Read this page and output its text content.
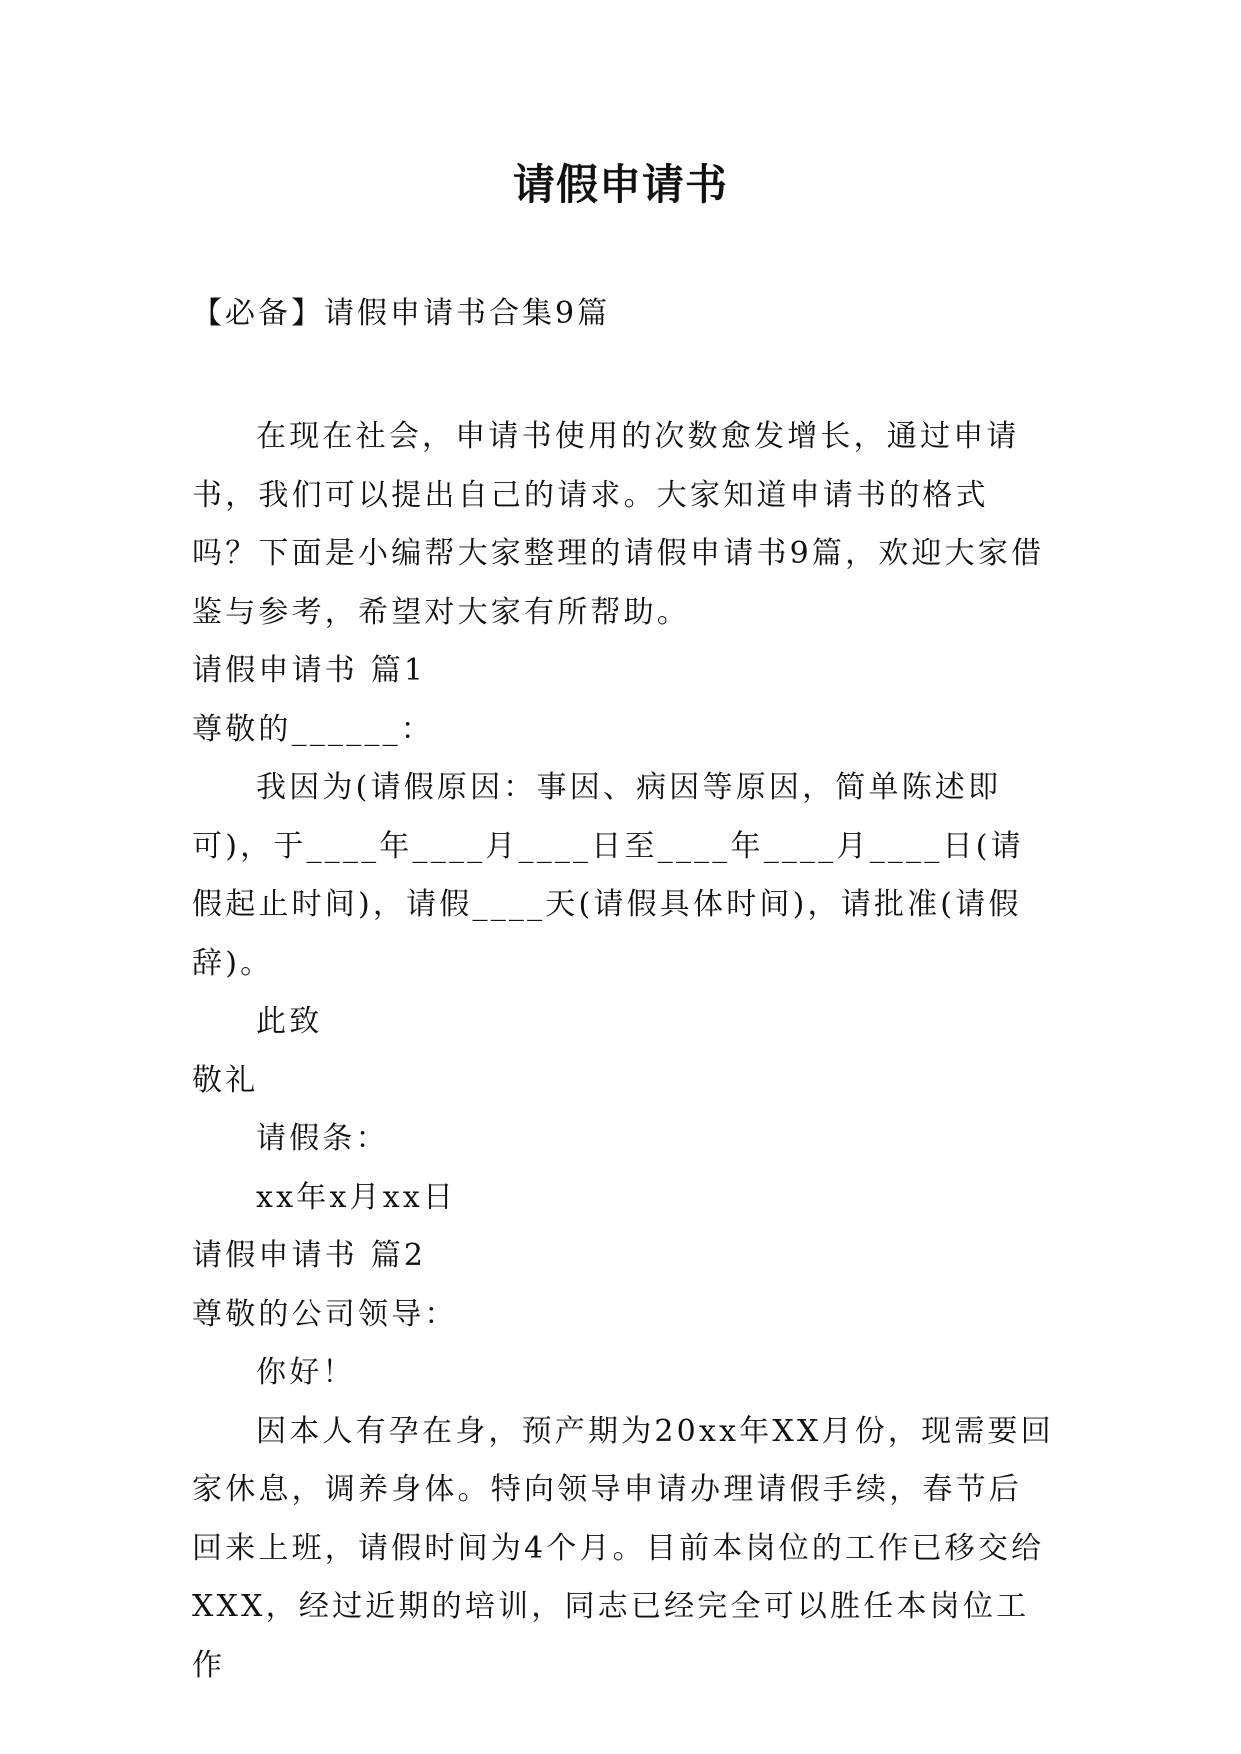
请假申请书
【必备】请假申请书合集9篇

在现在社会，申请书使用的次数愈发增长，通过申请书，我们可以提出自己的请求。大家知道申请书的格式吗？下面是小编帮大家整理的请假申请书9篇，欢迎大家借鉴与参考，希望对大家有所帮助。

请假申请书 篇1

尊敬的______：

我因为(请假原因：事因、病因等原因，简单陈述即可)，于____年____月____日至____年____月____日(请假起止时间)，请假____天(请假具体时间)，请批准(请假辞)。

此致

敬礼

请假条：

xx年x月xx日

请假申请书 篇2

尊敬的公司领导：

你好！

因本人有孕在身，预产期为20xx年XX月份，现需要回家休息，调养身体。特向领导申请办理请假手续，春节后回来上班，请假时间为4个月。目前本岗位的工作已移交给XXX，经过近期的培训，同志已经完全可以胜任本岗位工作
